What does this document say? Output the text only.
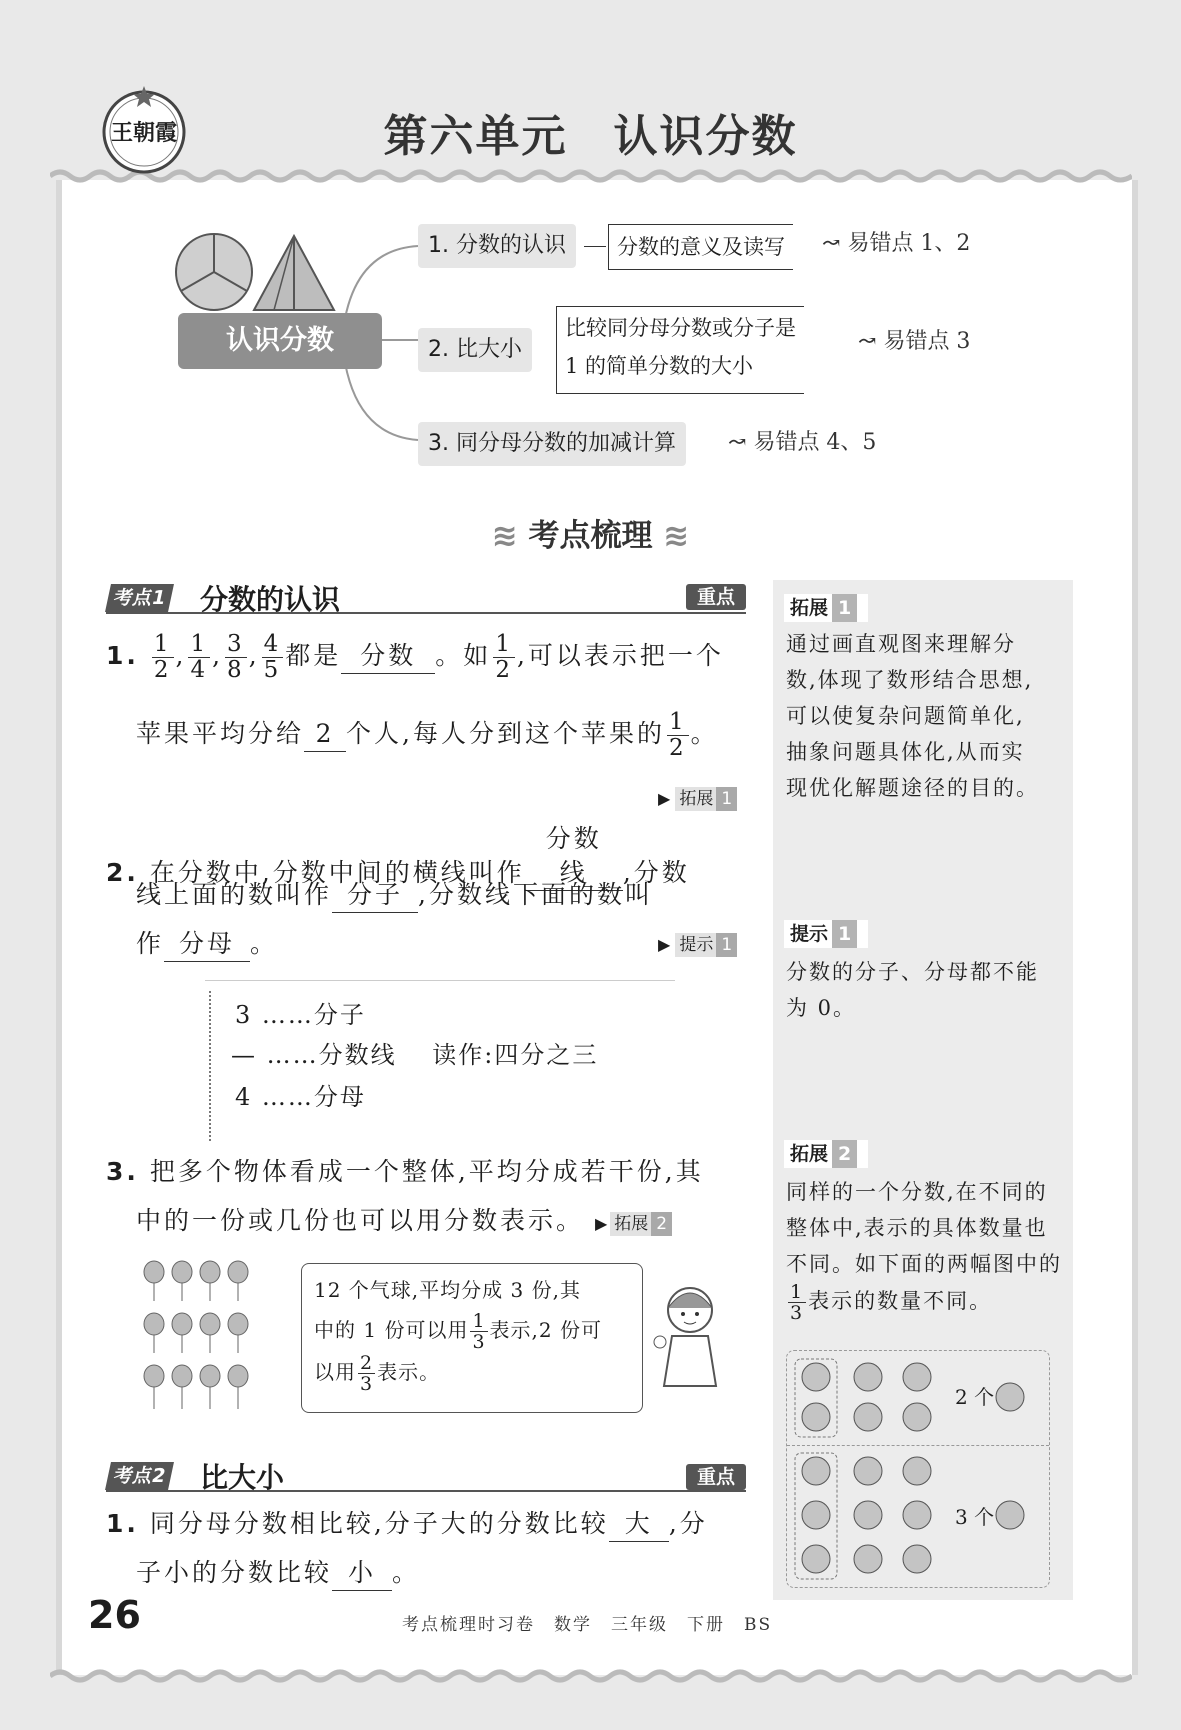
王朝霞	第六单元　认识分数
认识分数
1. 分数的认识	分数的意义及读写	↝ 易错点 1、2
2. 比大小
比较同分母分数或分子是
1 的简单分数的大小
↝ 易错点 3
3. 同分母分数的加减计算	↝ 易错点 4、5
≋ 考点梳理 ≋
考点1 分数的认识	重点
1. $\frac{1}{2}$ , $\frac{1}{4}$ , $\frac{3}{8}$ , $\frac{4}{5}$ 都是 分数 。如 $\frac{1}{2}$ ,可以表示把一个
苹果平均分给 2 个人,每人分到这个苹果的 $\frac{1}{2}$ 。
▶ 拓展 1
2. 在分数中,分数中间的横线叫作分数线 ,分数
线上面的数叫作 分子 ,分数线下面的数叫
作 分母 。	▶ 提示 1
3 ……分子
— ……分数线　 读作:四分之三
4 ……分母
3. 把多个物体看成一个整体,平均分成若干份,其
中的一份或几份也可以用分数表示。 ▶ 拓展 2
12 个气球,平均分成 3 份,其
中的 1 份可以用 $\frac{1}{3}$ 表示,2 份可
以用 $\frac{2}{3}$ 表示。
考点2 比大小	重点
1. 同分母分数相比较,分子大的分数比较 大 ,分
子小的分数比较 小 。
拓展 1
通过画直观图来理解分
数,体现了数形结合思想,
可以使复杂问题简单化,
抽象问题具体化,从而实
现优化解题途径的目的。
提示 1
分数的分子、分母都不能
为 0。
拓展 2
同样的一个分数,在不同的
整体中,表示的具体数量也
不同。如下面的两幅图中的
$\frac{1}{3}$ 表示的数量不同。
2 个
3 个
26	考点梳理时习卷　数学　三年级　下册　BS
